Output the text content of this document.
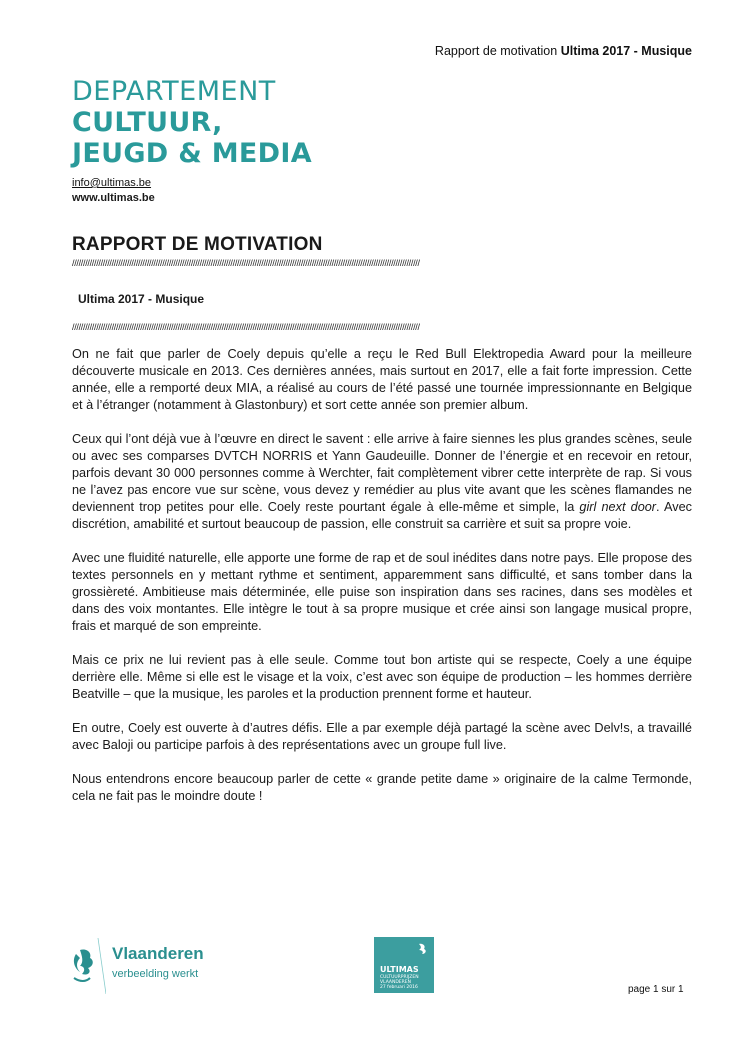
Rapport de motivation Ultima 2017 - Musique
DEPARTEMENT
CULTUUR,
JEUGD & MEDIA
info@ultimas.be
www.ultimas.be
RAPPORT DE MOTIVATION
//////////////////////////////////////////////////////////////////////////////////////////////////////////////////////////////////////////////////////////////
Ultima 2017 - Musique
//////////////////////////////////////////////////////////////////////////////////////////////////////////////////////////////////////////////////////////////

On ne fait que parler de Coely depuis qu’elle a reçu le Red Bull Elektropedia Award pour la meilleure découverte musicale en 2013. Ces dernières années, mais surtout en 2017, elle a fait forte impression. Cette année, elle a remporté deux MIA, a réalisé au cours de l’été passé une tournée impressionnante en Belgique et à l’étranger (notamment à Glastonbury) et sort cette année son premier album.

Ceux qui l’ont déjà vue à l’œuvre en direct le savent : elle arrive à faire siennes les plus grandes scènes, seule ou avec ses comparses DVTCH NORRIS et Yann Gaudeuille. Donner de l’énergie et en recevoir en retour, parfois devant 30 000 personnes comme à Werchter, fait complètement vibrer cette interprète de rap. Si vous ne l’avez pas encore vue sur scène, vous devez y remédier au plus vite avant que les scènes flamandes ne deviennent trop petites pour elle. Coely reste pourtant égale à elle-même et simple, la girl next door. Avec discrétion, amabilité et surtout beaucoup de passion, elle construit sa carrière et suit sa propre voie.

Avec une fluidité naturelle, elle apporte une forme de rap et de soul inédites dans notre pays. Elle propose des textes personnels en y mettant rythme et sentiment, apparemment sans difficulté, et sans tomber dans la grossièreté. Ambitieuse mais déterminée, elle puise son inspiration dans ses racines, dans ses modèles et dans des voix montantes. Elle intègre le tout à sa propre musique et crée ainsi son langage musical propre, frais et marqué de son empreinte.

Mais ce prix ne lui revient pas à elle seule. Comme tout bon artiste qui se respecte, Coely a une équipe derrière elle. Même si elle est le visage et la voix, c’est avec son équipe de production – les hommes derrière Beatville – que la musique, les paroles et la production prennent forme et hauteur.

En outre, Coely est ouverte à d’autres défis. Elle a par exemple déjà partagé la scène avec Delv!s, a travaillé avec Baloji ou participe parfois à des représentations avec un groupe full live.

Nous entendrons encore beaucoup parler de cette « grande petite dame » originaire de la calme Termonde, cela ne fait pas le moindre doute !

Vlaanderen
verbeelding werkt	ULTIMAS
CULTUURPRIJZEN
VLAANDEREN
27 februari 2016	page 1 sur 1
